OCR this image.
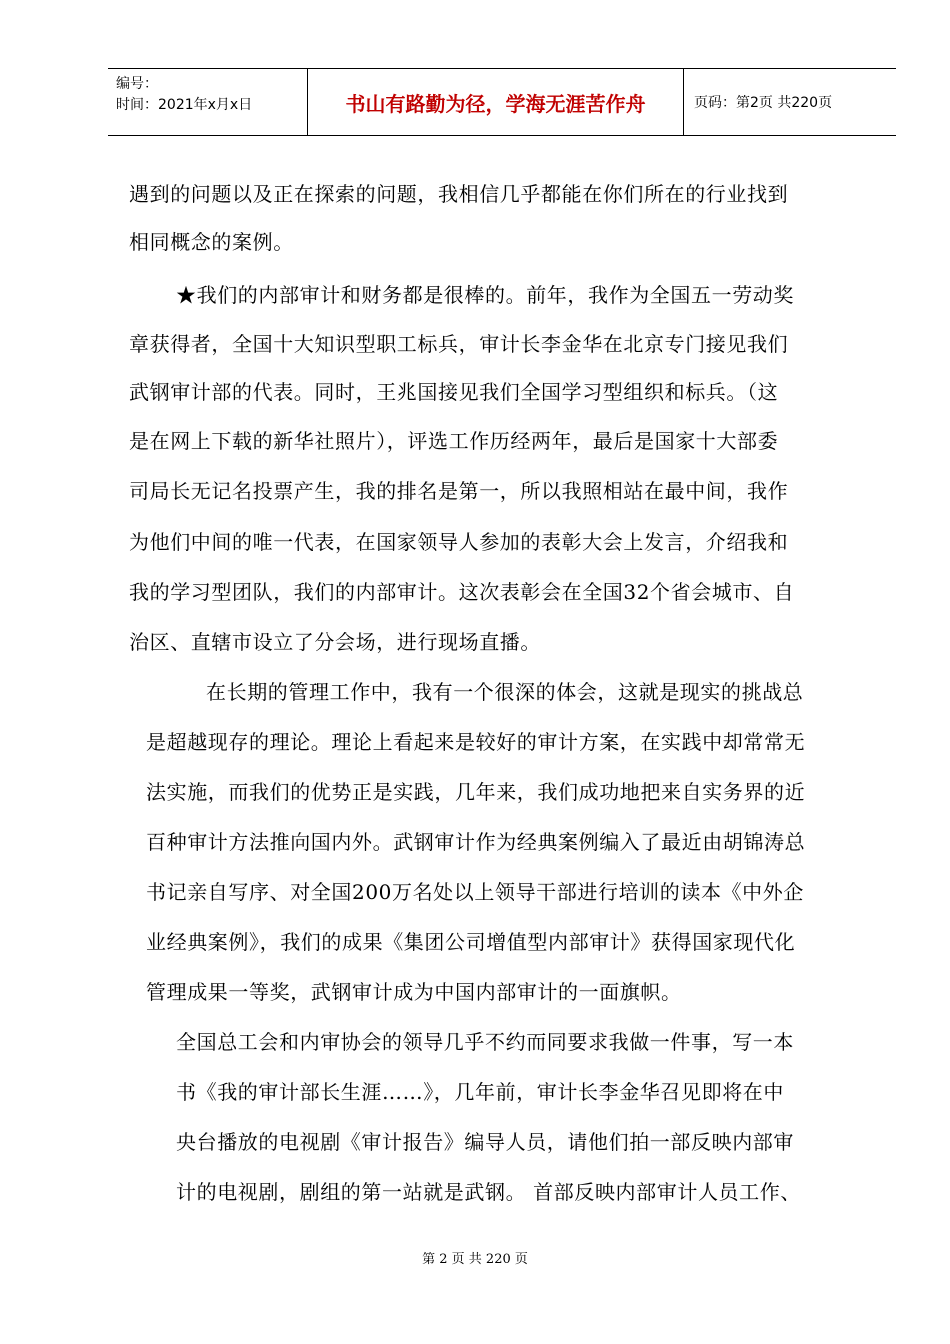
编号：
时间：2021年x月x日	书山有路勤为径，学海无涯苦作舟	页码：第2页 共220页
遇到的问题以及正在探索的问题，我相信几乎都能在你们所在的行业找到
相同概念的案例。
★我们的内部审计和财务都是很棒的。前年，我作为全国五一劳动奖
章获得者，全国十大知识型职工标兵，审计长李金华在北京专门接见我们
武钢审计部的代表。同时，王兆国接见我们全国学习型组织和标兵。（这
是在网上下载的新华社照片），评选工作历经两年，最后是国家十大部委
司局长无记名投票产生，我的排名是第一，所以我照相站在最中间，我作
为他们中间的唯一代表，在国家领导人参加的表彰大会上发言，介绍我和
我的学习型团队，我们的内部审计。这次表彰会在全国32个省会城市、自
治区、直辖市设立了分会场，进行现场直播。
在长期的管理工作中，我有一个很深的体会，这就是现实的挑战总
是超越现存的理论。理论上看起来是较好的审计方案，在实践中却常常无
法实施，而我们的优势正是实践，几年来，我们成功地把来自实务界的近
百种审计方法推向国内外。武钢审计作为经典案例编入了最近由胡锦涛总
书记亲自写序、对全国200万名处以上领导干部进行培训的读本《中外企
业经典案例》，我们的成果《集团公司增值型内部审计》获得国家现代化
管理成果一等奖，武钢审计成为中国内部审计的一面旗帜。
全国总工会和内审协会的领导几乎不约而同要求我做一件事，写一本
书《我的审计部长生涯……》，几年前，审计长李金华召见即将在中
央台播放的电视剧《审计报告》编导人员，请他们拍一部反映内部审
计的电视剧，剧组的第一站就是武钢。 首部反映内部审计人员工作、
第 2 页 共 220 页
